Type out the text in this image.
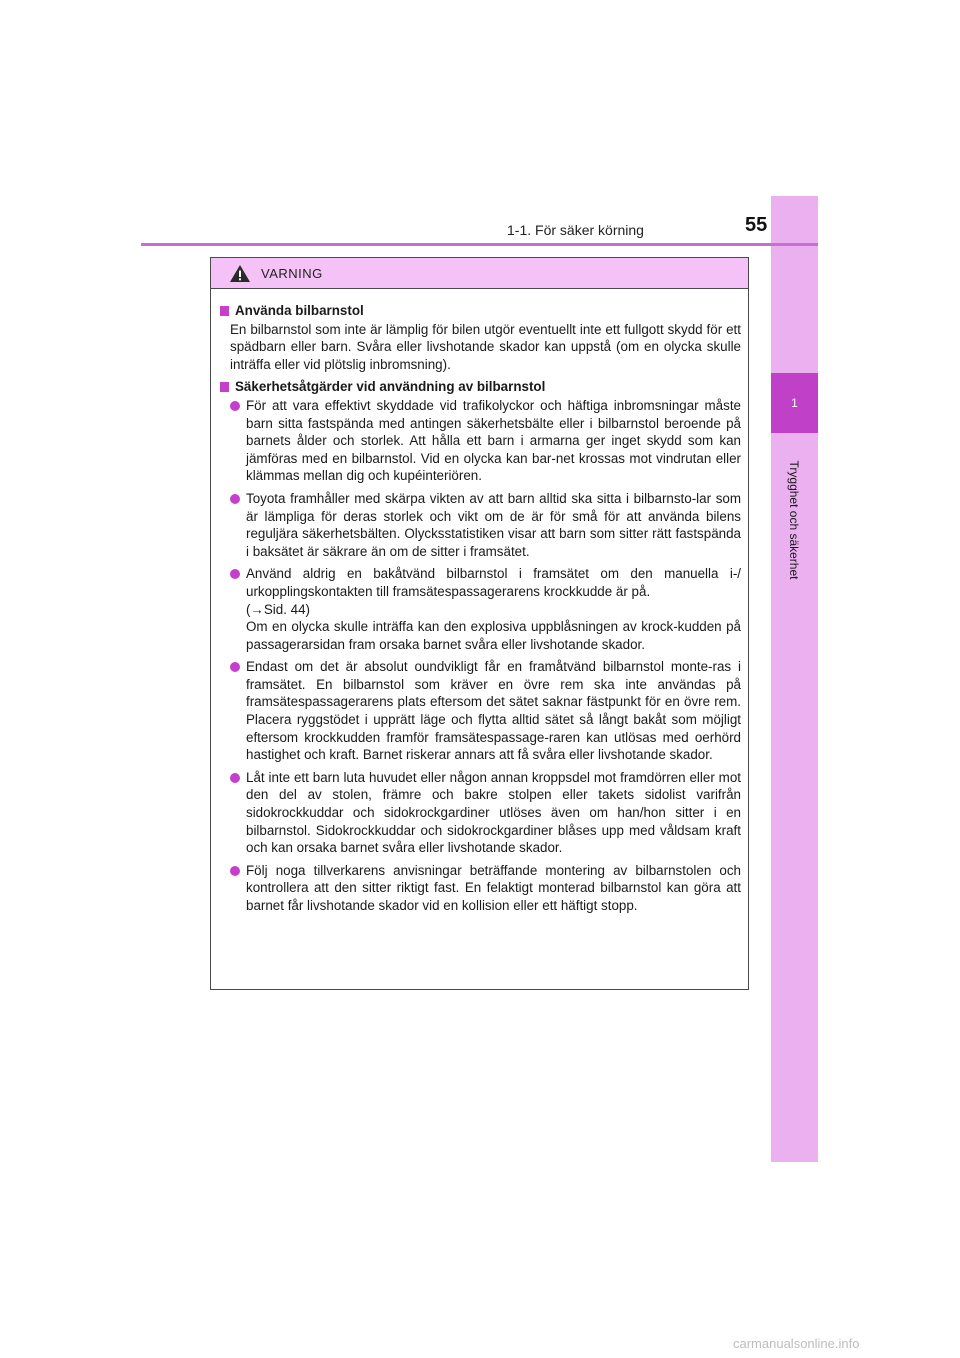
1
Trygghet och säkerhet
1-1. För säker körning	55
VARNING
Använda bilbarnstol
En bilbarnstol som inte är lämplig för bilen utgör eventuellt inte ett fullgott skydd för ett spädbarn eller barn. Svåra eller livshotande skador kan uppstå (om en olycka skulle inträffa eller vid plötslig inbromsning).
Säkerhetsåtgärder vid användning av bilbarnstol
För att vara effektivt skyddade vid trafikolyckor och häftiga inbromsningar måste barn sitta fastspända med antingen säkerhetsbälte eller i bilbarnstol beroende på barnets ålder och storlek. Att hålla ett barn i armarna ger inget skydd som kan jämföras med en bilbarnstol. Vid en olycka kan bar-net krossas mot vindrutan eller klämmas mellan dig och kupéinteriören.
Toyota framhåller med skärpa vikten av att barn alltid ska sitta i bilbarnsto-lar som är lämpliga för deras storlek och vikt om de är för små för att använda bilens reguljära säkerhetsbälten. Olycksstatistiken visar att barn som sitter rätt fastspända i baksätet är säkrare än om de sitter i framsätet.
Använd aldrig en bakåtvänd bilbarnstol i framsätet om den manuella i-/ urkopplingskontakten till framsätespassagerarens krockkudde är på.
(→Sid. 44)
Om en olycka skulle inträffa kan den explosiva uppblåsningen av krock-kudden på passagerarsidan fram orsaka barnet svåra eller livshotande skador.
Endast om det är absolut oundvikligt får en framåtvänd bilbarnstol monte-ras i framsätet. En bilbarnstol som kräver en övre rem ska inte användas på framsätespassagerarens plats eftersom det sätet saknar fästpunkt för en övre rem. Placera ryggstödet i upprätt läge och flytta alltid sätet så långt bakåt som möjligt eftersom krockkudden framför framsätespassage-raren kan utlösas med oerhörd hastighet och kraft. Barnet riskerar annars att få svåra eller livshotande skador.
Låt inte ett barn luta huvudet eller någon annan kroppsdel mot framdörren eller mot den del av stolen, främre och bakre stolpen eller takets sidolist varifrån sidokrockkuddar och sidokrockgardiner utlöses även om han/hon sitter i en bilbarnstol. Sidokrockkuddar och sidokrockgardiner blåses upp med våldsam kraft och kan orsaka barnet svåra eller livshotande skador.
Följ noga tillverkarens anvisningar beträffande montering av bilbarnstolen och kontrollera att den sitter riktigt fast. En felaktigt monterad bilbarnstol kan göra att barnet får livshotande skador vid en kollision eller ett häftigt stopp.
carmanualsonline.info
